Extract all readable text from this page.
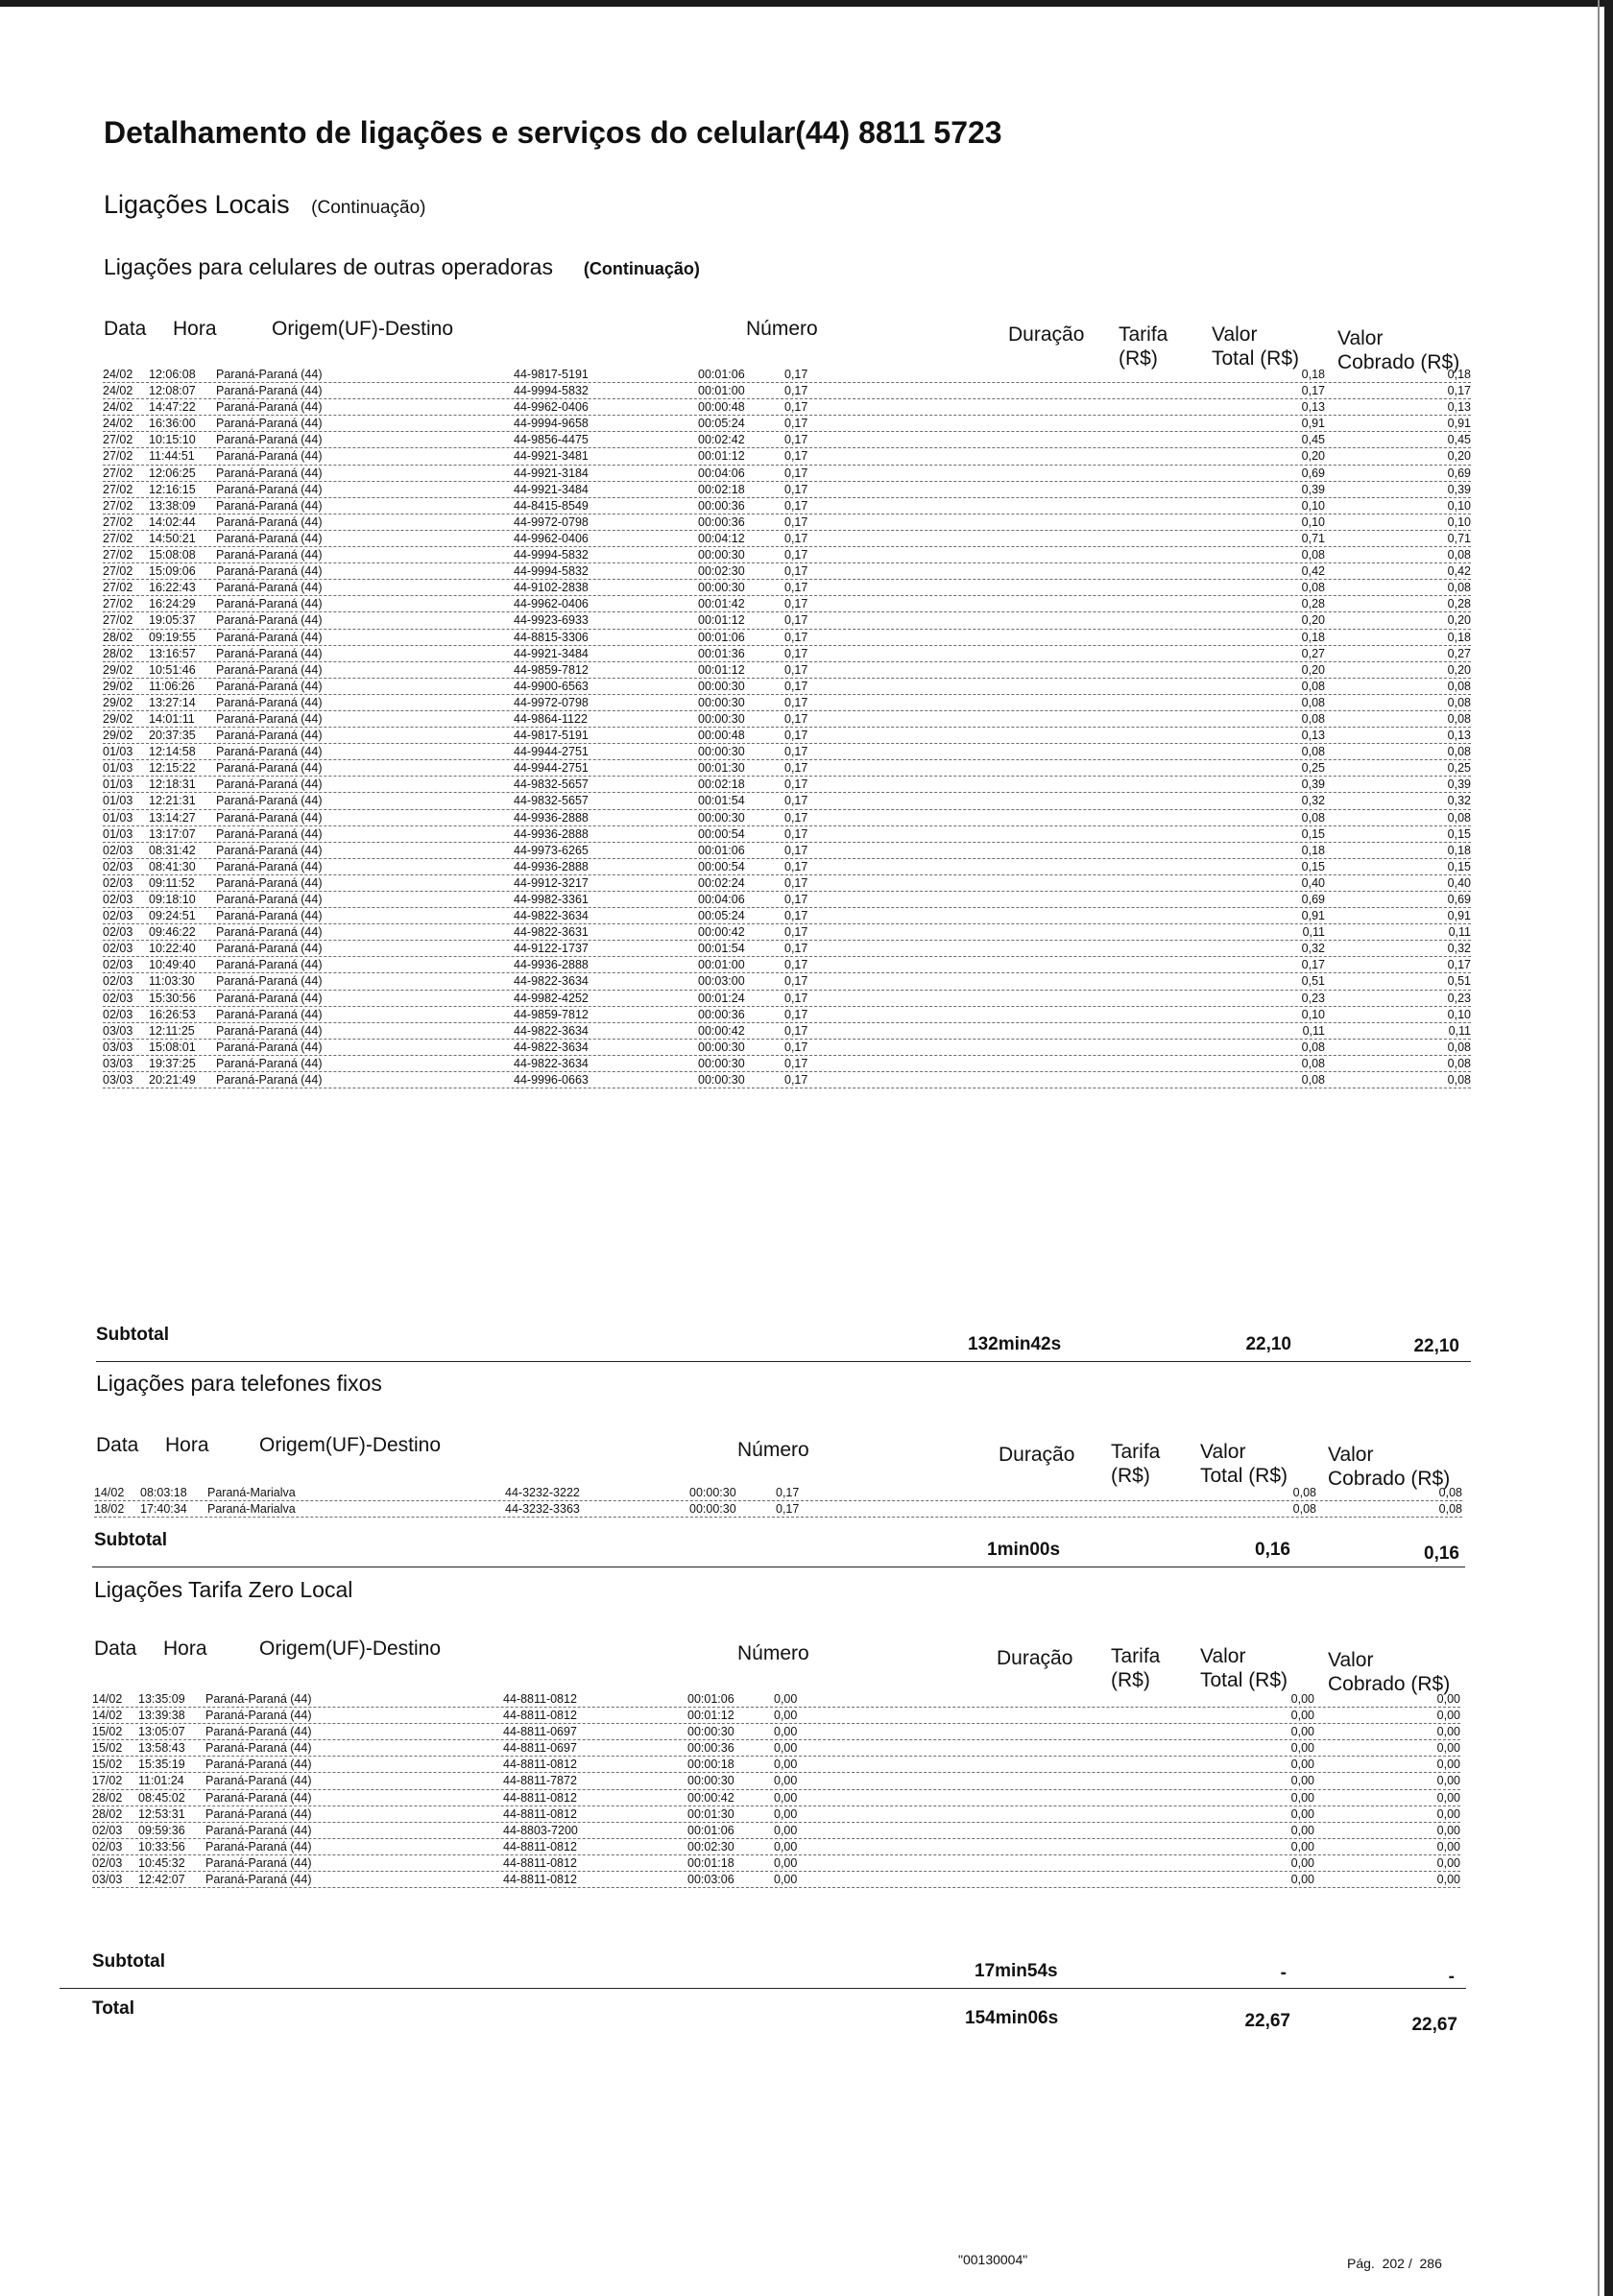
Detalhamento de ligações e serviços do celular(44) 8811 5723
Ligações Locais (Continuação)
Ligações para celulares de outras operadoras (Continuação)
Data Hora	Origem(UF)-Destino	Número	Duração Tarifa
(R$)
Valor
Total (R$)
Valor
Cobrado (R$)
24/02 12:06:08 Paraná-Paraná (44)	44-9817-5191	00:01:06	0,17	0,18	0,18
24/02 12:08:07 Paraná-Paraná (44)	44-9994-5832	00:01:00	0,17	0,17	0,17
24/02 14:47:22 Paraná-Paraná (44)	44-9962-0406	00:00:48	0,17	0,13	0,13
24/02 16:36:00 Paraná-Paraná (44)	44-9994-9658	00:05:24	0,17	0,91	0,91
27/02 10:15:10 Paraná-Paraná (44)	44-9856-4475	00:02:42	0,17	0,45	0,45
27/02 11:44:51 Paraná-Paraná (44)	44-9921-3481	00:01:12	0,17	0,20	0,20
27/02 12:06:25 Paraná-Paraná (44)	44-9921-3184	00:04:06	0,17	0,69	0,69
27/02 12:16:15 Paraná-Paraná (44)	44-9921-3484	00:02:18	0,17	0,39	0,39
27/02 13:38:09 Paraná-Paraná (44)	44-8415-8549	00:00:36	0,17	0,10	0,10
27/02 14:02:44 Paraná-Paraná (44)	44-9972-0798	00:00:36	0,17	0,10	0,10
27/02 14:50:21 Paraná-Paraná (44)	44-9962-0406	00:04:12	0,17	0,71	0,71
27/02 15:08:08 Paraná-Paraná (44)	44-9994-5832	00:00:30	0,17	0,08	0,08
27/02 15:09:06 Paraná-Paraná (44)	44-9994-5832	00:02:30	0,17	0,42	0,42
27/02 16:22:43 Paraná-Paraná (44)	44-9102-2838	00:00:30	0,17	0,08	0,08
27/02 16:24:29 Paraná-Paraná (44)	44-9962-0406	00:01:42	0,17	0,28	0,28
27/02 19:05:37 Paraná-Paraná (44)	44-9923-6933	00:01:12	0,17	0,20	0,20
28/02 09:19:55 Paraná-Paraná (44)	44-8815-3306	00:01:06	0,17	0,18	0,18
28/02 13:16:57 Paraná-Paraná (44)	44-9921-3484	00:01:36	0,17	0,27	0,27
29/02 10:51:46 Paraná-Paraná (44)	44-9859-7812	00:01:12	0,17	0,20	0,20
29/02 11:06:26 Paraná-Paraná (44)	44-9900-6563	00:00:30	0,17	0,08	0,08
29/02 13:27:14 Paraná-Paraná (44)	44-9972-0798	00:00:30	0,17	0,08	0,08
29/02 14:01:11 Paraná-Paraná (44)	44-9864-1122	00:00:30	0,17	0,08	0,08
29/02 20:37:35 Paraná-Paraná (44)	44-9817-5191	00:00:48	0,17	0,13	0,13
01/03 12:14:58 Paraná-Paraná (44)	44-9944-2751	00:00:30	0,17	0,08	0,08
01/03 12:15:22 Paraná-Paraná (44)	44-9944-2751	00:01:30	0,17	0,25	0,25
01/03 12:18:31 Paraná-Paraná (44)	44-9832-5657	00:02:18	0,17	0,39	0,39
01/03 12:21:31 Paraná-Paraná (44)	44-9832-5657	00:01:54	0,17	0,32	0,32
01/03 13:14:27 Paraná-Paraná (44)	44-9936-2888	00:00:30	0,17	0,08	0,08
01/03 13:17:07 Paraná-Paraná (44)	44-9936-2888	00:00:54	0,17	0,15	0,15
02/03 08:31:42 Paraná-Paraná (44)	44-9973-6265	00:01:06	0,17	0,18	0,18
02/03 08:41:30 Paraná-Paraná (44)	44-9936-2888	00:00:54	0,17	0,15	0,15
02/03 09:11:52 Paraná-Paraná (44)	44-9912-3217	00:02:24	0,17	0,40	0,40
02/03 09:18:10 Paraná-Paraná (44)	44-9982-3361	00:04:06	0,17	0,69	0,69
02/03 09:24:51 Paraná-Paraná (44)	44-9822-3634	00:05:24	0,17	0,91	0,91
02/03 09:46:22 Paraná-Paraná (44)	44-9822-3631	00:00:42	0,17	0,11	0,11
02/03 10:22:40 Paraná-Paraná (44)	44-9122-1737	00:01:54	0,17	0,32	0,32
02/03 10:49:40 Paraná-Paraná (44)	44-9936-2888	00:01:00	0,17	0,17	0,17
02/03 11:03:30 Paraná-Paraná (44)	44-9822-3634	00:03:00	0,17	0,51	0,51
02/03 15:30:56 Paraná-Paraná (44)	44-9982-4252	00:01:24	0,17	0,23	0,23
02/03 16:26:53 Paraná-Paraná (44)	44-9859-7812	00:00:36	0,17	0,10	0,10
03/03 12:11:25 Paraná-Paraná (44)	44-9822-3634	00:00:42	0,17	0,11	0,11
03/03 15:08:01 Paraná-Paraná (44)	44-9822-3634	00:00:30	0,17	0,08	0,08
03/03 19:37:25 Paraná-Paraná (44)	44-9822-3634	00:00:30	0,17	0,08	0,08
03/03 20:21:49 Paraná-Paraná (44)	44-9996-0663	00:00:30	0,17	0,08	0,08
Subtotal	132min42s	22,10	22,10
Ligações para telefones fixos
Data Hora Origem(UF)-Destino	Número	Duração Tarifa
(R$)
Valor
Total (R$)
Valor
Cobrado (R$)
14/02 08:03:18 Paraná-Marialva	44-3232-3222	00:00:30	0,17	0,08	0,08
18/02 17:40:34 Paraná-Marialva	44-3232-3363	00:00:30	0,17	0,08	0,08
Subtotal	1min00s	0,16	0,16
Ligações Tarifa Zero Local
Data Hora	Origem(UF)-Destino	Número	Duração Tarifa
(R$)
Valor
Total (R$)
Valor
Cobrado (R$)
14/02 13:35:09 Paraná-Paraná (44)	44-8811-0812	00:01:06	0,00	0,00	0,00
14/02 13:39:38 Paraná-Paraná (44)	44-8811-0812	00:01:12	0,00	0,00	0,00
15/02 13:05:07 Paraná-Paraná (44)	44-8811-0697	00:00:30	0,00	0,00	0,00
15/02 13:58:43 Paraná-Paraná (44)	44-8811-0697	00:00:36	0,00	0,00	0,00
15/02 15:35:19 Paraná-Paraná (44)	44-8811-0812	00:00:18	0,00	0,00	0,00
17/02 11:01:24 Paraná-Paraná (44)	44-8811-7872	00:00:30	0,00	0,00	0,00
28/02 08:45:02 Paraná-Paraná (44)	44-8811-0812	00:00:42	0,00	0,00	0,00
28/02 12:53:31 Paraná-Paraná (44)	44-8811-0812	00:01:30	0,00	0,00	0,00
02/03 09:59:36 Paraná-Paraná (44)	44-8803-7200	00:01:06	0,00	0,00	0,00
02/03 10:33:56 Paraná-Paraná (44)	44-8811-0812	00:02:30	0,00	0,00	0,00
02/03 10:45:32 Paraná-Paraná (44)	44-8811-0812	00:01:18	0,00	0,00	0,00
03/03 12:42:07 Paraná-Paraná (44)	44-8811-0812	00:03:06	0,00	0,00	0,00
Subtotal	17min54s	-	-
Total	154min06s	22,67	22,67
"00130004"	Pág. 202 / 286
